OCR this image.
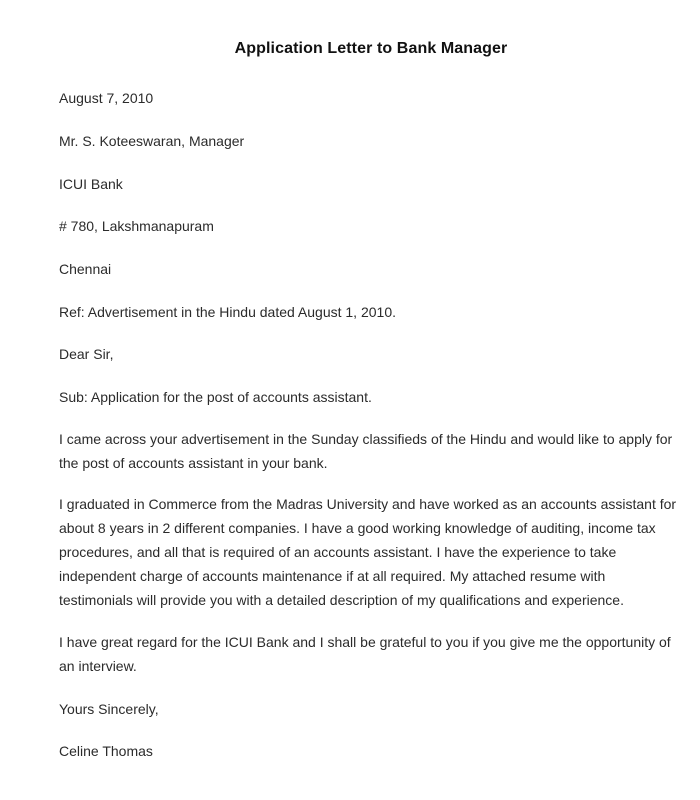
Application Letter to Bank Manager
August 7, 2010
Mr. S. Koteeswaran, Manager
ICUI Bank
# 780, Lakshmanapuram
Chennai
Ref: Advertisement in the Hindu dated August 1, 2010.
Dear Sir,
Sub: Application for the post of accounts assistant.
I came across your advertisement in the Sunday classifieds of the Hindu and would like to apply for
the post of accounts assistant in your bank.
I graduated in Commerce from the Madras University and have worked as an accounts assistant for
about 8 years in 2 different companies. I have a good working knowledge of auditing, income tax
procedures, and all that is required of an accounts assistant. I have the experience to take
independent charge of accounts maintenance if at all required. My attached resume with
testimonials will provide you with a detailed description of my qualifications and experience.
I have great regard for the ICUI Bank and I shall be grateful to you if you give me the opportunity of
an interview.
Yours Sincerely,
Celine Thomas
